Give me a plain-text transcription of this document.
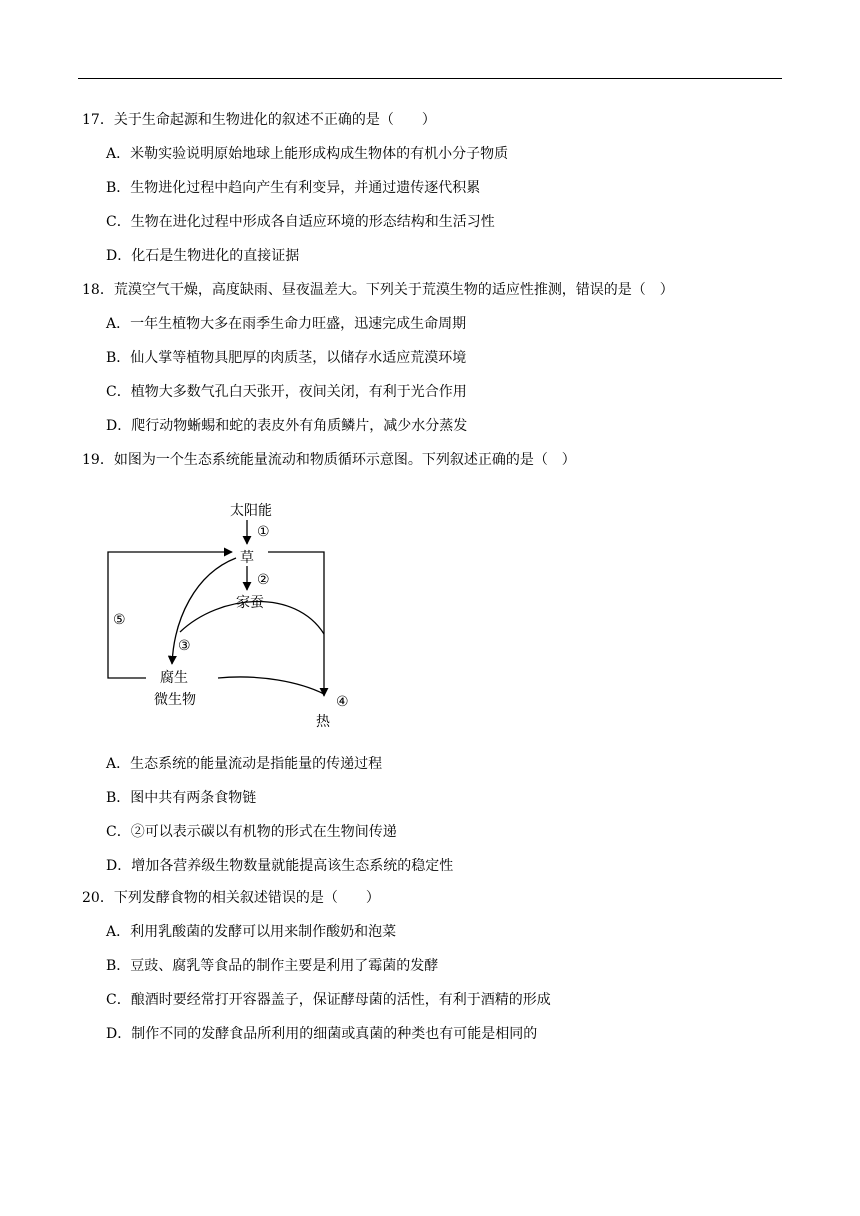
17．关于生命起源和生物进化的叙述不正确的是（　　）
A．米勒实验说明原始地球上能形成构成生物体的有机小分子物质
B．生物进化过程中趋向产生有利变异，并通过遗传逐代积累
C．生物在进化过程中形成各自适应环境的形态结构和生活习性
D．化石是生物进化的直接证据
18．荒漠空气干燥，高度缺雨、昼夜温差大。下列关于荒漠生物的适应性推测，错误的是（　）
A．一年生植物大多在雨季生命力旺盛，迅速完成生命周期
B．仙人掌等植物具肥厚的肉质茎，以储存水适应荒漠环境
C．植物大多数气孔白天张开，夜间关闭，有利于光合作用
D．爬行动物蜥蜴和蛇的表皮外有角质鳞片，减少水分蒸发
19．如图为一个生态系统能量流动和物质循环示意图。下列叙述正确的是（　）
太阳能
①
草
②
家蚕
⑤
③
腐生
微生物	④
热
A．生态系统的能量流动是指能量的传递过程
B．图中共有两条食物链
C．②可以表示碳以有机物的形式在生物间传递
D．增加各营养级生物数量就能提高该生态系统的稳定性
20．下列发酵食物的相关叙述错误的是（　　）
A．利用乳酸菌的发酵可以用来制作酸奶和泡菜
B．豆豉、腐乳等食品的制作主要是利用了霉菌的发酵
C．酿酒时要经常打开容器盖子，保证酵母菌的活性，有利于酒精的形成
D．制作不同的发酵食品所利用的细菌或真菌的种类也有可能是相同的
